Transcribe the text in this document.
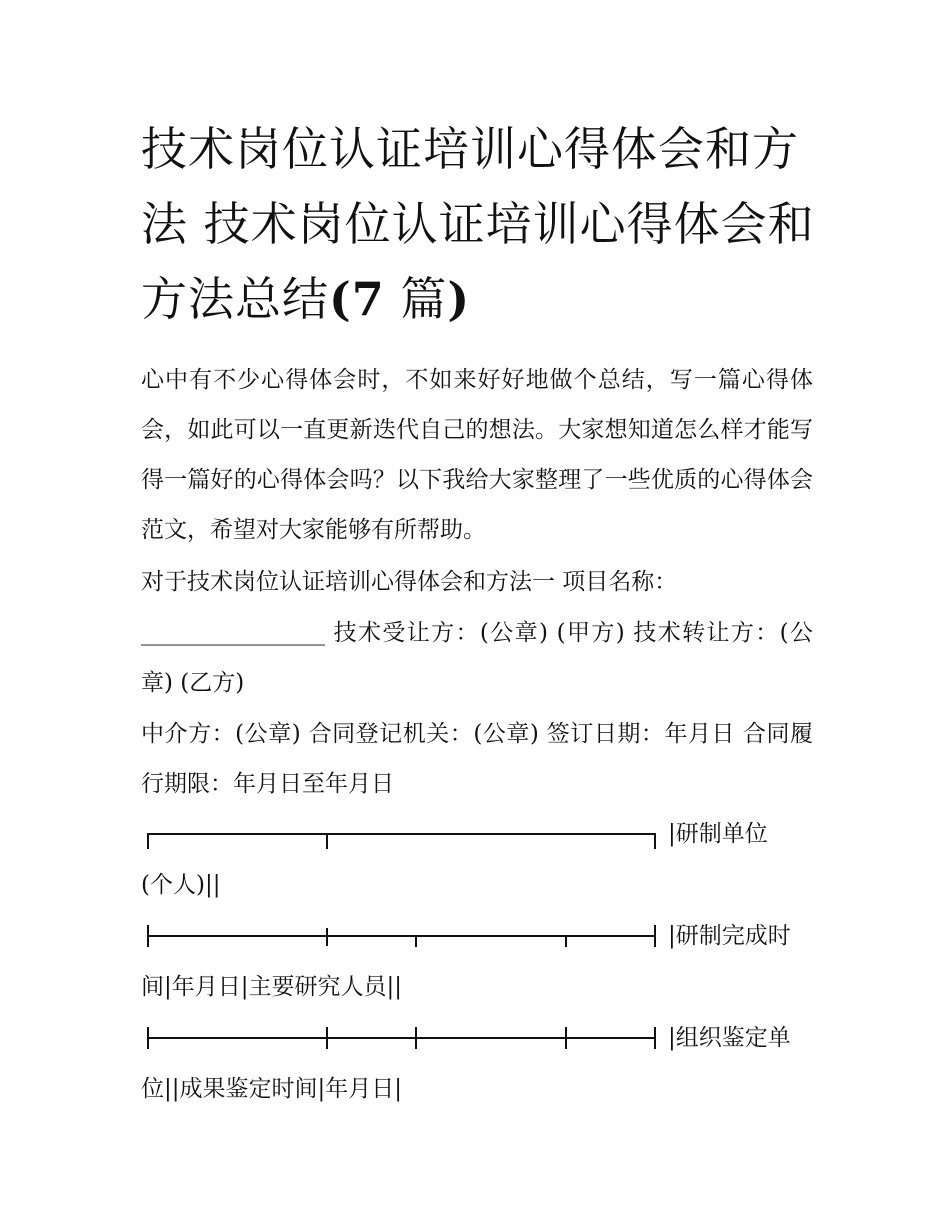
技术岗位认证培训心得体会和方法 技术岗位认证培训心得体会和方法总结(7 篇)

心中有不少心得体会时，不如来好好地做个总结，写一篇心得体会，如此可以一直更新迭代自己的想法。大家想知道怎么样才能写得一篇好的心得体会吗？以下我给大家整理了一些优质的心得体会范文，希望对大家能够有所帮助。

对于技术岗位认证培训心得体会和方法一 项目名称：

________________ 技术受让方：(公章) (甲方) 技术转让方：(公章) (乙方)

中介方：(公章) 合同登记机关：(公章) 签订日期：年月日 合同履行期限：年月日至年月日

|研制单位

(个人)||

|研制完成时

间|年月日|主要研究人员||

|组织鉴定单

位||成果鉴定时间|年月日|
